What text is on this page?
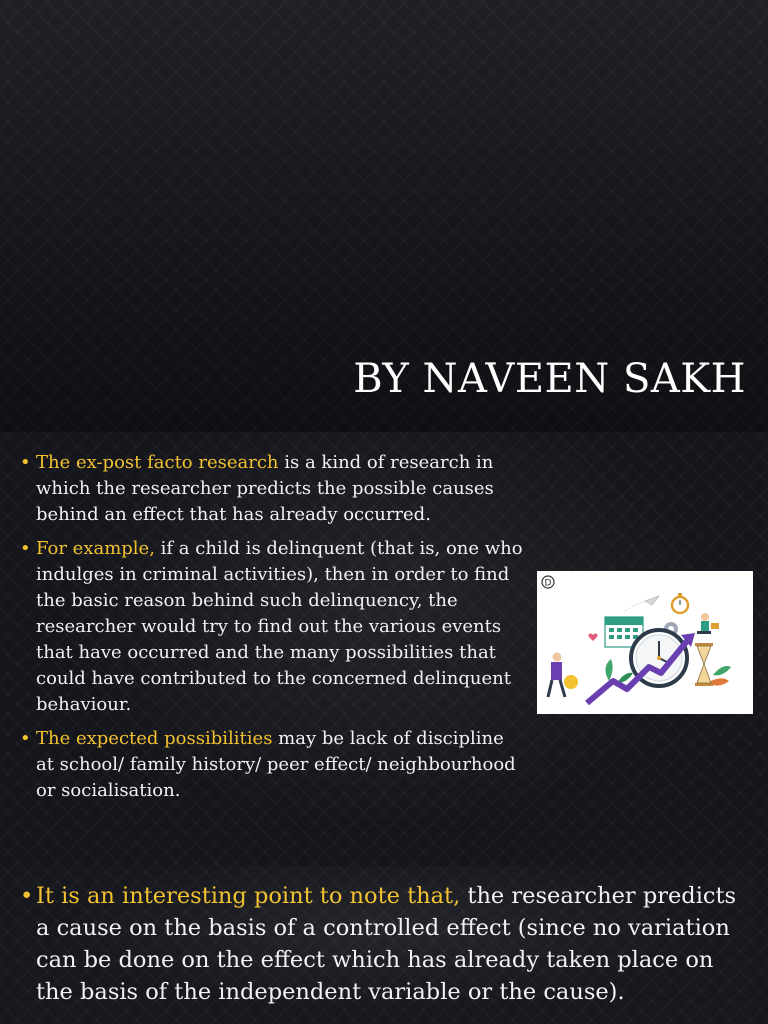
BY NAVEEN SAKH
• The ex-post facto research is a kind of research in which the researcher predicts the possible causes behind an effect that has already occurred.
• For example, if a child is delinquent (that is, one who indulges in criminal activities), then in order to find the basic reason behind such delinquency, the researcher would try to find out the various events that have occurred and the many possibilities that could have contributed to the concerned delinquent behaviour.
• The expected possibilities may be lack of discipline at school/ family history/ peer effect/ neighbourhood or socialisation.
D
• It is an interesting point to note that, the researcher predicts a cause on the basis of a controlled effect (since no variation can be done on the effect which has already taken place on the basis of the independent variable or the cause).
